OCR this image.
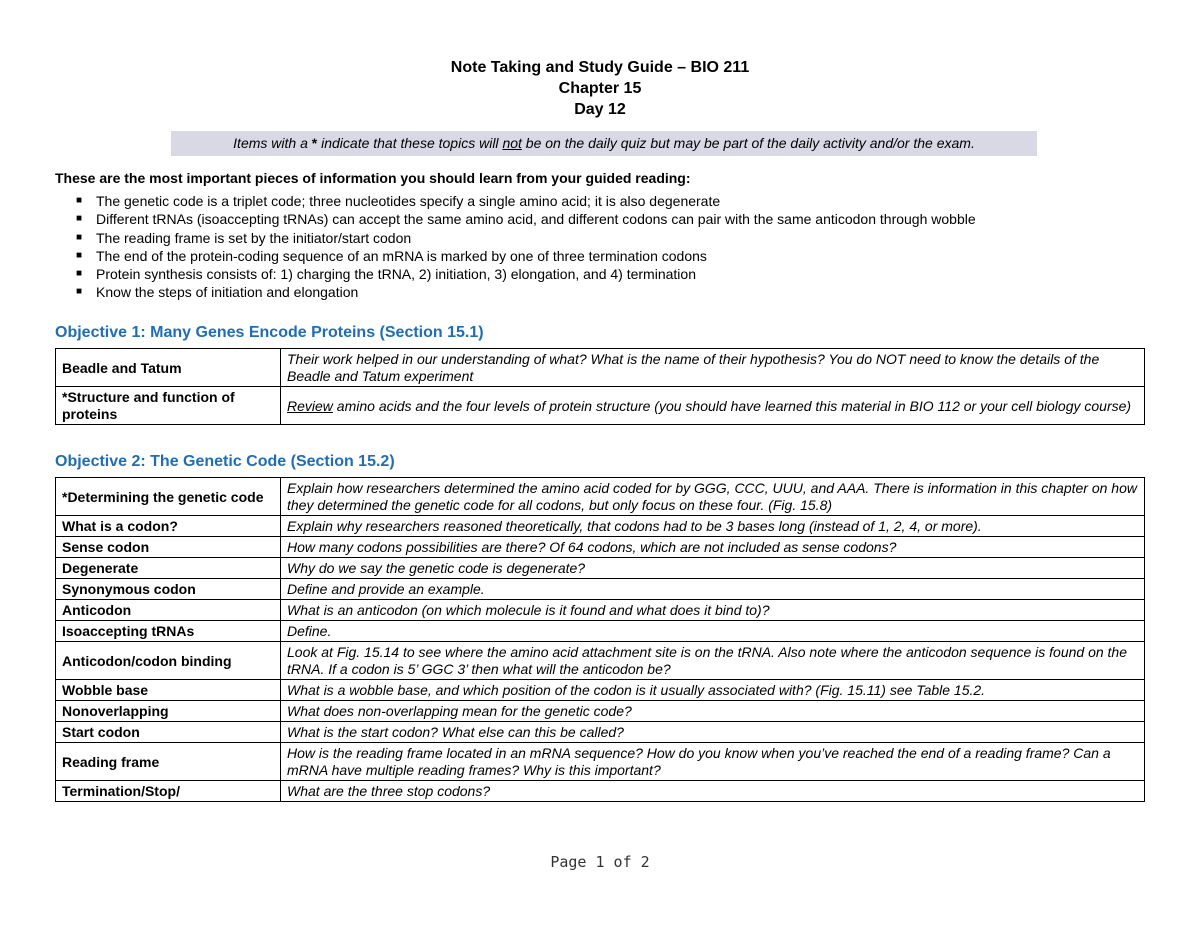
Note Taking and Study Guide – BIO 211
Chapter 15
Day 12
Items with a * indicate that these topics will not be on the daily quiz but may be part of the daily activity and/or the exam.
These are the most important pieces of information you should learn from your guided reading:
■ The genetic code is a triplet code; three nucleotides specify a single amino acid; it is also degenerate
■ Different tRNAs (isoaccepting tRNAs) can accept the same amino acid, and different codons can pair with the same anticodon through wobble
■ The reading frame is set by the initiator/start codon
■ The end of the protein-coding sequence of an mRNA is marked by one of three termination codons
■ Protein synthesis consists of: 1) charging the tRNA, 2) initiation, 3) elongation, and 4) termination
■ Know the steps of initiation and elongation
Objective 1: Many Genes Encode Proteins (Section 15.1)
Beadle and Tatum	Their work helped in our understanding of what? What is the name of their hypothesis? You do NOT need to know the details of the Beadle and Tatum experiment
*Structure and function of proteins	Review amino acids and the four levels of protein structure (you should have learned this material in BIO 112 or your cell biology course)
Objective 2: The Genetic Code (Section 15.2)
*Determining the genetic code	Explain how researchers determined the amino acid coded for by GGG, CCC, UUU, and AAA. There is information in this chapter on how they determined the genetic code for all codons, but only focus on these four. (Fig. 15.8)
What is a codon?	Explain why researchers reasoned theoretically, that codons had to be 3 bases long (instead of 1, 2, 4, or more).
Sense codon	How many codons possibilities are there? Of 64 codons, which are not included as sense codons?
Degenerate	Why do we say the genetic code is degenerate?
Synonymous codon	Define and provide an example.
Anticodon	What is an anticodon (on which molecule is it found and what does it bind to)?
Isoaccepting tRNAs	Define.
Anticodon/codon binding	Look at Fig. 15.14 to see where the amino acid attachment site is on the tRNA. Also note where the anticodon sequence is found on the tRNA. If a codon is 5’ GGC 3’ then what will the anticodon be?
Wobble base	What is a wobble base, and which position of the codon is it usually associated with? (Fig. 15.11) see Table 15.2.
Nonoverlapping	What does non-overlapping mean for the genetic code?
Start codon	What is the start codon? What else can this be called?
Reading frame	How is the reading frame located in an mRNA sequence? How do you know when you’ve reached the end of a reading frame? Can a mRNA have multiple reading frames? Why is this important?
Termination/Stop/	What are the three stop codons?
Page 1 of 2
